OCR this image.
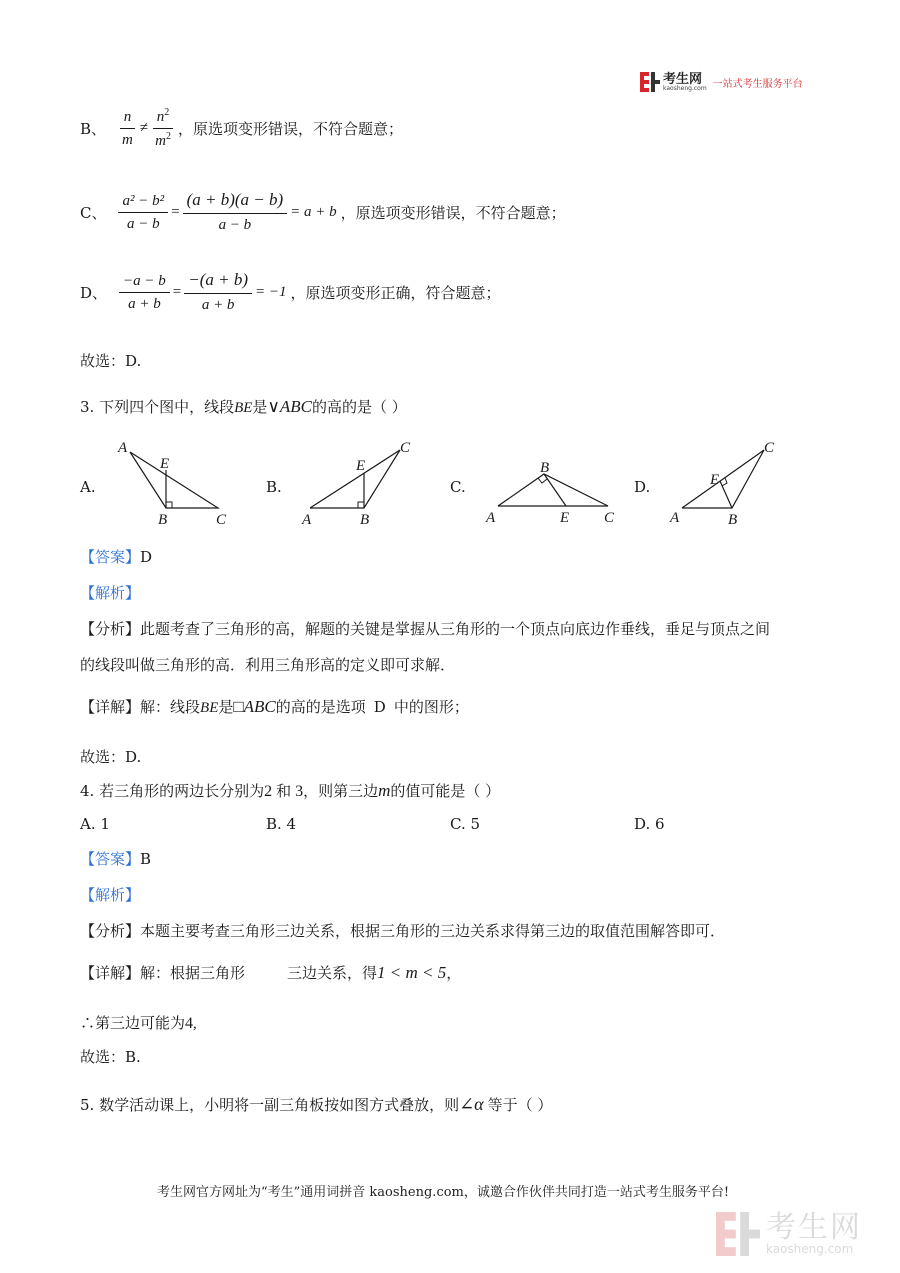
考生网
kaosheng.com 一站式考生服务平台
B、 $\frac{n}{m} \ne \frac{n^2}{m^2}$ ，原选项变形错误，不符合题意；
C、 $\frac{\text{a² − b²}}{a - b} = \frac{(a + b)(a - b)}{a - b} = a + b$ ，原选项变形错误，不符合题意；
D、 $\frac{-a - b}{a + b} = \frac{-(a + b)}{a + b} = -1$ ，原选项变形正确，符合题意；
故选：D.
3. 下列四个图中，线段BE是∨ABC的高的是（ ）
A.	B.	C.	D.
A
E
B	C
E
C
A	B
B
A	E C
C
E
A	B
【答案】D
【解析】
【分析】此题考查了三角形的高，解题的关键是掌握从三角形的一个顶点向底边作垂线，垂足与顶点之间
的线段叫做三角形的高．利用三角形高的定义即可求解．
【详解】解：线段BE是□ABC的高的是选项 D 中的图形；
故选：D.
4. 若三角形的两边长分别为2 和 3，则第三边m的值可能是（ ）
A. 1	B. 4	C. 5	D. 6
【答案】B
【解析】
【分析】本题主要考查三角形三边关系，根据三角形的三边关系求得第三边的取值范围解答即可．
【详解】解：根据三角形	三边关系，得1 < m < 5，
∴第三边可能为4,
故选：B.
5. 数学活动课上，小明将一副三角板按如图方式叠放，则∠α 等于（ ）
考生网官方网址为“考生”通用词拼音 kaosheng.com，诚邀合作伙伴共同打造一站式考生服务平台!
考生网
kaosheng.com
